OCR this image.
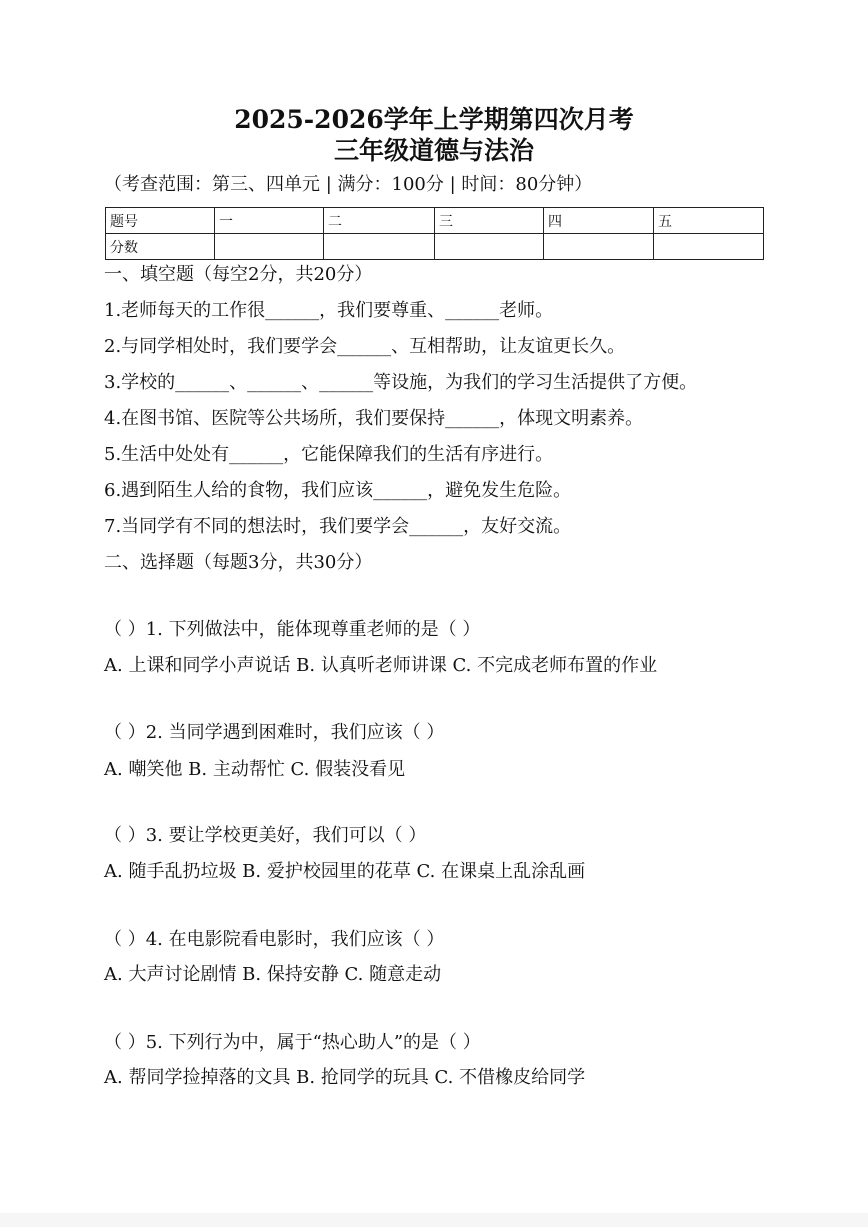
2025-2026学年上学期第四次月考
三年级道德与法治
（考查范围：第三、四单元 | 满分：100分 | 时间：80分钟）
题号	一	二	三	四	五
分数					
一、填空题（每空2分，共20分）
1.老师每天的工作很______，我们要尊重、______老师。
2.与同学相处时，我们要学会______、互相帮助，让友谊更长久。
3.学校的______、______、______等设施，为我们的学习生活提供了方便。
4.在图书馆、医院等公共场所，我们要保持______，体现文明素养。
5.生活中处处有______，它能保障我们的生活有序进行。
6.遇到陌生人给的食物，我们应该______，避免发生危险。
7.当同学有不同的想法时，我们要学会______，友好交流。
二、选择题（每题3分，共30分）
（ ）1. 下列做法中，能体现尊重老师的是（ ）
A. 上课和同学小声说话 B. 认真听老师讲课 C. 不完成老师布置的作业
（ ）2. 当同学遇到困难时，我们应该（ ）
A. 嘲笑他 B. 主动帮忙 C. 假装没看见
（ ）3. 要让学校更美好，我们可以（ ）
A. 随手乱扔垃圾 B. 爱护校园里的花草 C. 在课桌上乱涂乱画
（ ）4. 在电影院看电影时，我们应该（ ）
A. 大声讨论剧情 B. 保持安静 C. 随意走动
（ ）5. 下列行为中，属于“热心助人”的是（ ）
A. 帮同学捡掉落的文具 B. 抢同学的玩具 C. 不借橡皮给同学
